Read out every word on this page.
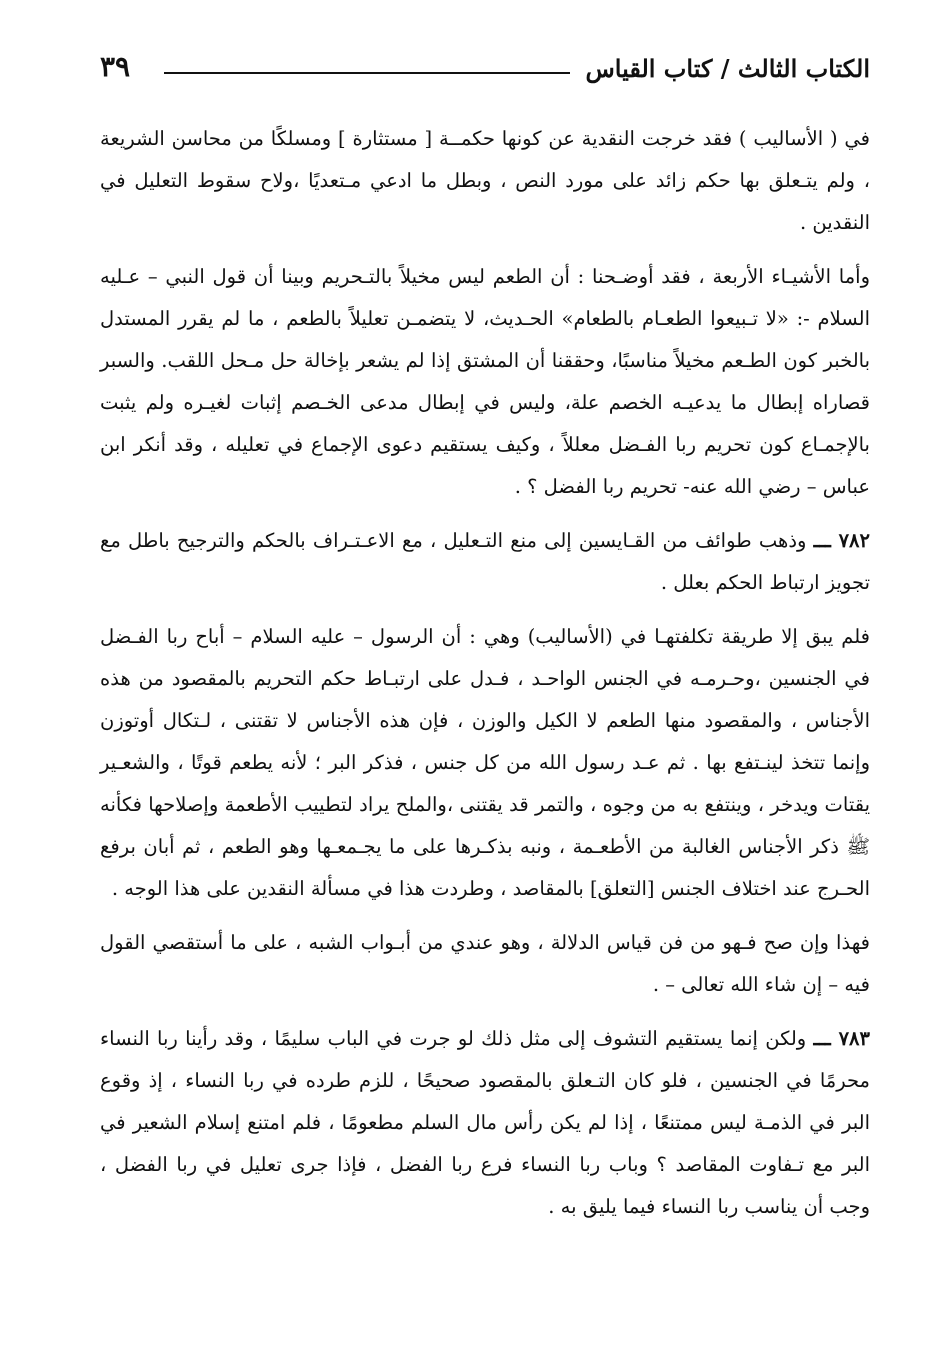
الكتاب الثالث / كتاب القياس
٣٩

في ( الأساليب ) فقد خرجت النقدية عن كونها حكمــة [ مستثارة ] ومسلكًا من محاسن الشريعة ، ولم يتـعلق بها حكم زائد على مورد النص ، وبطل ما ادعي مـتعديًا ،ولاح سقوط التعليل في النقدين .

وأما الأشيـاء الأربعة ، فقد أوضـحنا : أن الطعم ليس مخيلاً بالتـحريم وبينا أن قول النبي – عـليه السلام -: «لا تـبيعوا الطعـام بالطعام» الحـديث، لا يتضمـن تعليلاً بالطعم ، ما لم يقرر المستدل بالخبر كون الطـعم مخيلاً مناسبًا، وحققنا أن المشتق إذا لم يشعر بإخالة حل مـحل اللقب. والسبر قصاراه إبطال ما يدعيـه الخصم علة، وليس في إبطال مدعى الخـصم إثبات لغيـره ولم يثبت بالإجمـاع كون تحريم ربا الفـضل معللاً ، وكيف يستقيم دعوى الإجماع في تعليله ، وقد أنكر ابن عباس – رضي الله عنه- تحريم ربا الفضل ؟ .

٧٨٢ ـــ وذهب طوائف من القـايسين إلى منع التـعليل ، مع الاعـتـراف بالحكم والترجيح باطل مع تجويز ارتباط الحكم بعلل .

فلم يبق إلا طريقة تكلفتهـا في (الأساليب) وهي : أن الرسول – عليه السلام – أباح ربا الفـضل في الجنسين ،وحـرمـه في الجنس الواحـد ، فـدل على ارتبـاط حكم التحريم بالمقصود من هذه الأجناس ، والمقصود منها الطعم لا الكيل والوزن ، فإن هذه الأجناس لا تقتنى ، لـتكال أوتوزن وإنما تتخذ لينـتفع بها . ثم عـد رسول الله من كل جنس ، فذكر البر ؛ لأنه يطعم قوتًا ، والشعـير يقتات ويدخر ، وينتفع به من وجوه ، والتمر قد يقتنى ،والملح يراد لتطييب الأطعمة وإصلاحها فكأنه ﷺ ذكر الأجناس الغالبة من الأطعـمة ، ونبه بذكـرها على ما يجـمعـها وهو الطعم ، ثم أبان برفع الحـرج عند اختلاف الجنس [التعلق] بالمقاصد ، وطردت هذا في مسألة النقدين على هذا الوجه .

فهذا وإن صح فـهو من فن قياس الدلالة ، وهو عندي من أبـواب الشبه ، على ما أستقصي القول فيه – إن شاء الله تعالى – .

٧٨٣ ـــ ولكن إنما يستقيم التشوف إلى مثل ذلك لو جرت في الباب سليمًا ، وقد رأينا ربا النساء محرمًا في الجنسين ، فلو كان التـعلق بالمقصود صحيحًا ، للزم طرده في ربا النساء ، إذ وقوع البر في الذمـة ليس ممتنعًا ، إذا لم يكن رأس مال السلم مطعومًا ، فلم امتنع إسلام الشعير في البر مع تـفاوت المقاصد ؟ وباب ربا النساء فرع ربا الفضل ، فإذا جرى تعليل في ربا الفضل ، وجب أن يناسب ربا النساء فيما يليق به .
